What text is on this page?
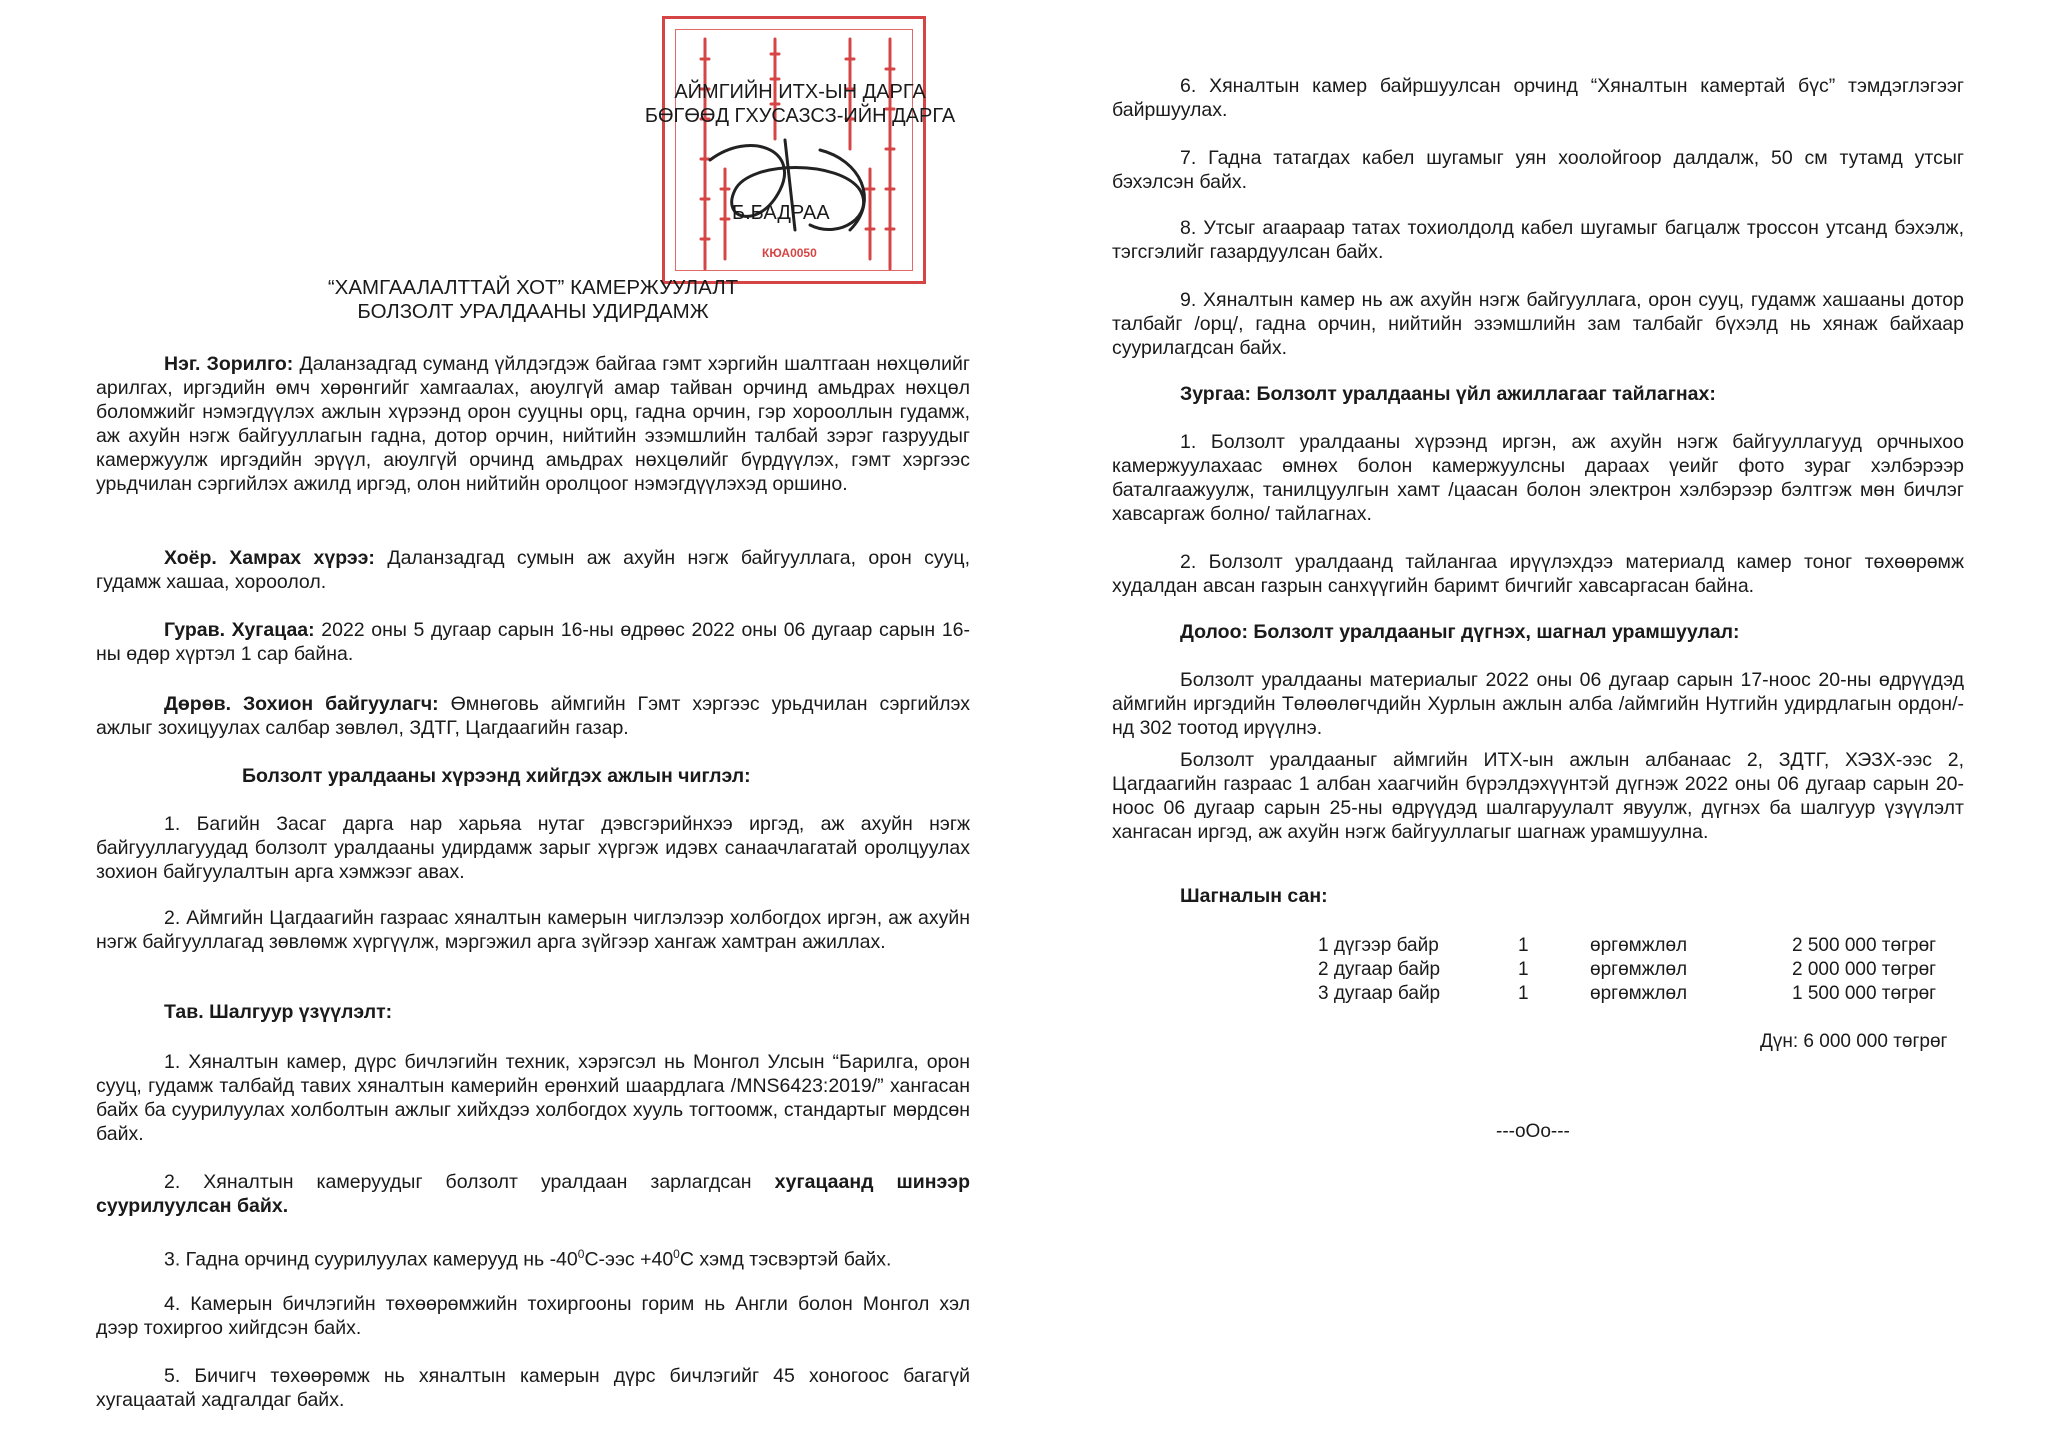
АЙМГИЙН ИТХ-ЫН ДАРГА
БӨГӨӨД ГХУСАЗСЗ-ИЙН ДАРГА
Б.БАДРАА
КЮА0050
“ХАМГААЛАЛТТАЙ ХОТ” КАМЕРЖУУЛАЛТ
БОЛЗОЛТ УРАЛДААНЫ УДИРДАМЖ

Нэг. Зорилго: Даланзадгад суманд үйлдэгдэж байгаа гэмт хэргийн шалтгаан нөхцөлийг арилгах, иргэдийн өмч хөрөнгийг хамгаалах, аюулгүй амар тайван орчинд амьдрах нөхцөл боломжийг нэмэгдүүлэх ажлын хүрээнд орон сууцны орц, гадна орчин, гэр хорооллын гудамж, аж ахуйн нэгж байгууллагын гадна, дотор орчин, нийтийн эзэмшлийн талбай зэрэг газруудыг камержуулж иргэдийн эрүүл, аюулгүй орчинд амьдрах нөхцөлийг бүрдүүлэх, гэмт хэргээс урьдчилан сэргийлэх ажилд иргэд, олон нийтийн оролцоог нэмэгдүүлэхэд оршино.

Хоёр. Хамрах хүрээ: Даланзадгад сумын аж ахуйн нэгж байгууллага, орон сууц, гудамж хашаа, хороолол.

Гурав. Хугацаа: 2022 оны 5 дугаар сарын 16-ны өдрөөс 2022 оны 06 дугаар сарын 16-ны өдөр хүртэл 1 сар байна.

Дөрөв. Зохион байгуулагч: Өмнөговь аймгийн Гэмт хэргээс урьдчилан сэргийлэх ажлыг зохицуулах салбар зөвлөл, ЗДТГ, Цагдаагийн газар.

Болзолт уралдааны хүрээнд хийгдэх ажлын чиглэл:

1. Багийн Засаг дарга нар харьяа нутаг дэвсгэрийнхээ иргэд, аж ахуйн нэгж байгууллагуудад болзолт уралдааны удирдамж зарыг хүргэж идэвх санаачлагатай оролцуулах зохион байгуулалтын арга хэмжээг авах.

2. Аймгийн Цагдаагийн газраас хяналтын камерын чиглэлээр холбогдох иргэн, аж ахуйн нэгж байгууллагад зөвлөмж хүргүүлж, мэргэжил арга зүйгээр хангаж хамтран ажиллах.

Тав. Шалгуур үзүүлэлт:

1. Хяналтын камер, дүрс бичлэгийн техник, хэрэгсэл нь Монгол Улсын “Барилга, орон сууц, гудамж талбайд тавих хяналтын камерийн ерөнхий шаардлага /MNS6423:2019/” хангасан байх ба суурилуулах холболтын ажлыг хийхдээ холбогдох хууль тогтоомж, стандартыг мөрдсөн байх.

2. Хяналтын камеруудыг болзолт уралдаан зарлагдсан хугацаанд шинээр суурилуулсан байх.

3. Гадна орчинд суурилуулах камерууд нь $-40^0С$-ээс $+40^0С$ хэмд тэсвэртэй байх.

4. Камерын бичлэгийн төхөөрөмжийн тохиргооны горим нь Англи болон Монгол хэл дээр тохиргоо хийгдсэн байх.

5. Бичигч төхөөрөмж нь хяналтын камерын дүрс бичлэгийг 45 хоногоос багагүй хугацаатай хадгалдаг байх.

6. Хяналтын камер байршуулсан орчинд “Хяналтын камертай бүс” тэмдэглэгээг байршуулах.

7. Гадна татагдах кабел шугамыг уян хоолойгоор далдалж, 50 см тутамд утсыг бэхэлсэн байх.

8. Утсыг агаараар татах тохиолдолд кабел шугамыг багцалж троссон утсанд бэхэлж, тэгсгэлийг газардуулсан байх.

9. Хяналтын камер нь аж ахуйн нэгж байгууллага, орон сууц, гудамж хашааны дотор талбайг /орц/, гадна орчин, нийтийн эзэмшлийн зам талбайг бүхэлд нь хянаж байхаар суурилагдсан байх.

Зургаа: Болзолт уралдааны үйл ажиллагааг тайлагнах:

1. Болзолт уралдааны хүрээнд иргэн, аж ахуйн нэгж байгууллагууд орчныхоо камержуулахаас өмнөх болон камержуулсны дараах үеийг фото зураг хэлбэрээр баталгаажуулж, танилцуулгын хамт /цаасан болон электрон хэлбэрээр бэлтгэж мөн бичлэг хавсаргаж болно/ тайлагнах.

2. Болзолт уралдаанд тайлангаа ирүүлэхдээ материалд камер тоног төхөөрөмж худалдан авсан газрын санхүүгийн баримт бичгийг хавсаргасан байна.

Долоо: Болзолт уралдааныг дүгнэх, шагнал урамшуулал:

Болзолт уралдааны материалыг 2022 оны 06 дугаар сарын 17-ноос 20-ны өдрүүдэд аймгийн иргэдийн Төлөөлөгчдийн Хурлын ажлын алба /аймгийн Нутгийн удирдлагын ордон/-нд 302 тоотод ирүүлнэ.

Болзолт уралдааныг аймгийн ИТХ-ын ажлын албанаас 2, ЗДТГ, ХЭЗХ-ээс 2, Цагдаагийн газраас 1 албан хаагчийн бүрэлдэхүүнтэй дүгнэж 2022 оны 06 дугаар сарын 20-ноос 06 дугаар сарын 25-ны өдрүүдэд шалгаруулалт явуулж, дүгнэх ба шалгуур үзүүлэлт хангасан иргэд, аж ахуйн нэгж байгууллагыг шагнаж урамшуулна.

Шагналын сан:

1 дүгээр байр	1	өргөмжлөл	2 500 000 төгрөг
2 дугаар байр	1	өргөмжлөл	2 000 000 төгрөг
3 дугаар байр	1	өргөмжлөл	1 500 000 төгрөг
Дүн: 6 000 000 төгрөг
---oOo---
